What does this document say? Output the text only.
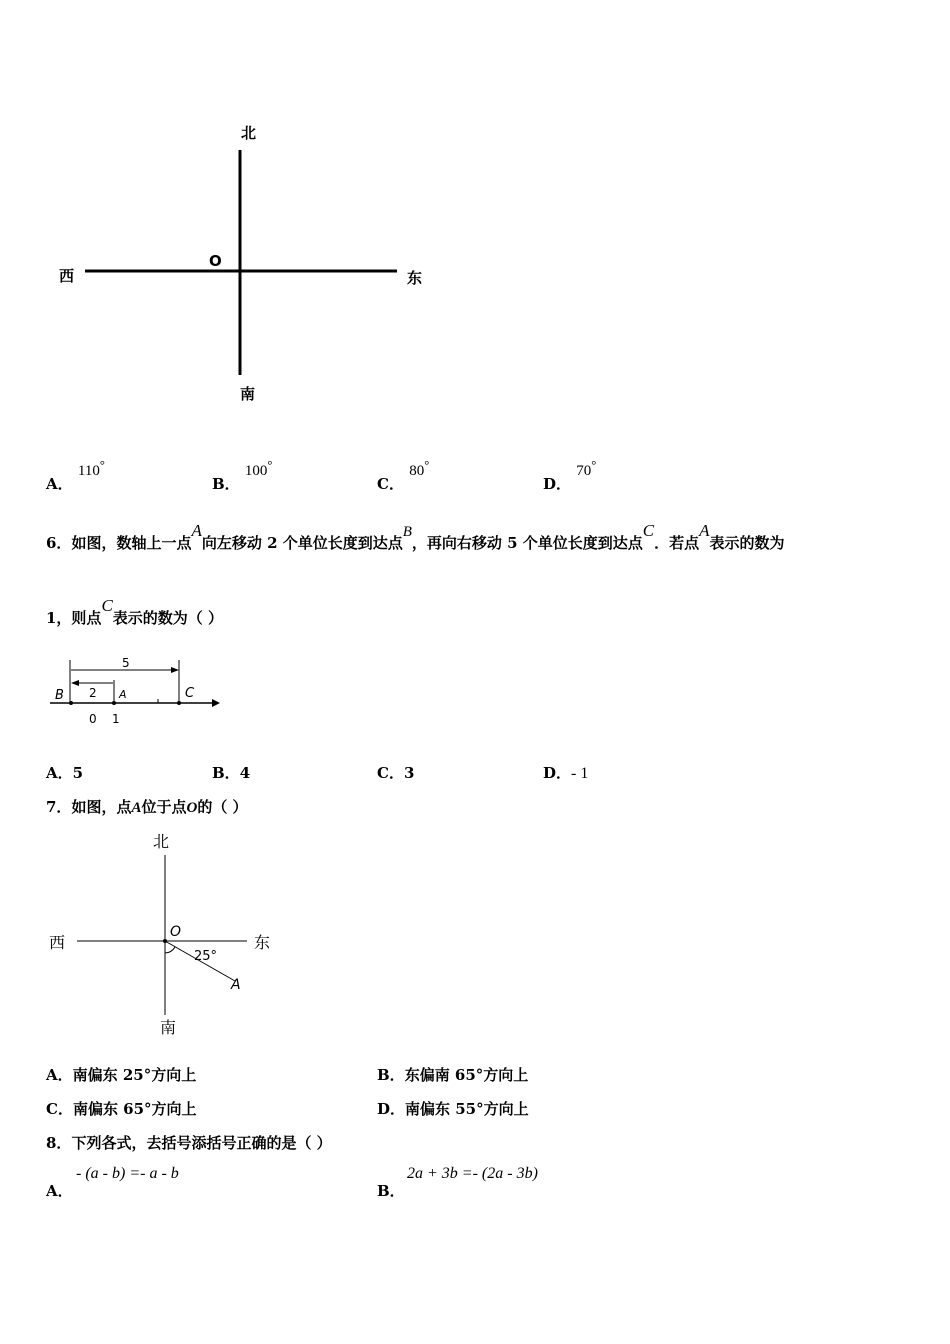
北
南
西	东
O
A． 110°
B． 100°
C． 80°
D． 70°
6．如图，数轴上一点A向左移动 2 个单位长度到达点B，再向右移动 5 个单位长度到达点C．若点A表示的数为
1，则点C表示的数为（ ）
5
2
B	A	C
0 1
A．5	B．4	C．3	D．- 1
7．如图，点A位于点O的（ ）
北
南
西	东
O
25°
A
A．南偏东 25°方向上	B．东偏南 65°方向上
C．南偏东 65°方向上	D．南偏东 55°方向上
8．下列各式，去括号添括号正确的是（ ）
A．
- (a - b) =- a - b
B．
2a + 3b =- (2a - 3b)
